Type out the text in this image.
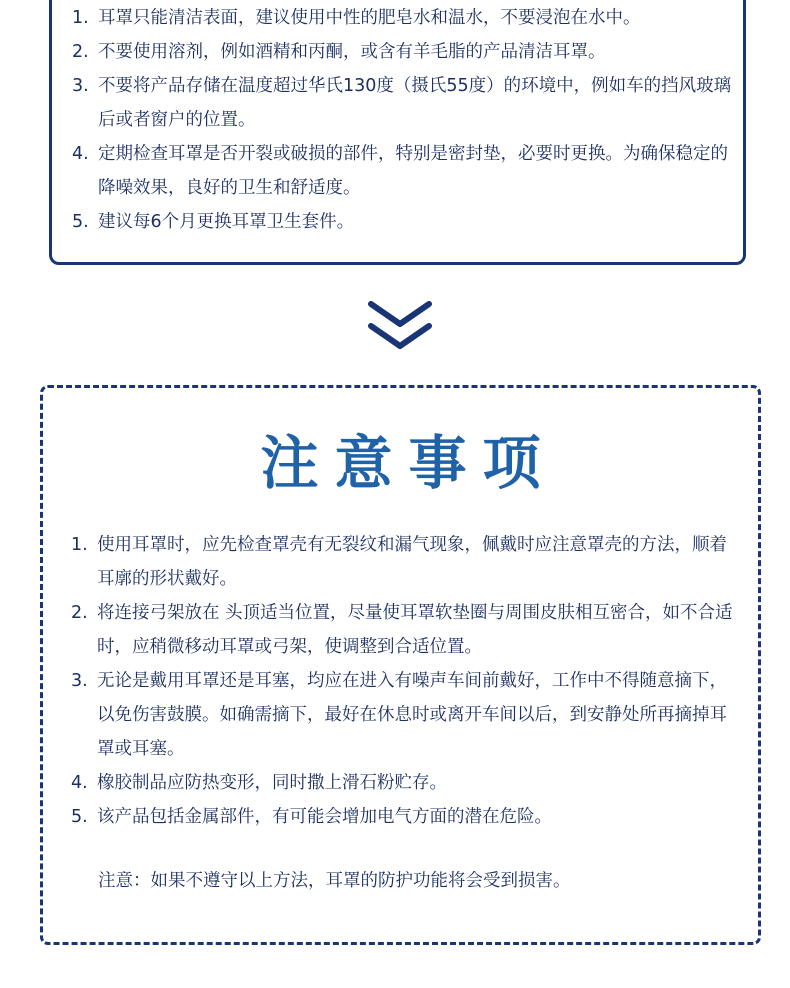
1. 耳罩只能清洁表面，建议使用中性的肥皂水和温水，不要浸泡在水中。
2. 不要使用溶剂，例如酒精和丙酮，或含有羊毛脂的产品清洁耳罩。
3. 不要将产品存储在温度超过华氏130度（摄氏55度）的环境中，例如车的挡风玻璃后或者窗户的位置。
4. 定期检查耳罩是否开裂或破损的部件，特别是密封垫，必要时更换。为确保稳定的降噪效果，良好的卫生和舒适度。
5. 建议每6个月更换耳罩卫生套件。
注意事项
1. 使用耳罩时，应先检查罩壳有无裂纹和漏气现象，佩戴时应注意罩壳的方法，顺着耳廓的形状戴好。
2. 将连接弓架放在 头顶适当位置，尽量使耳罩软垫圈与周围皮肤相互密合，如不合适时，应稍微移动耳罩或弓架，使调整到合适位置。
3. 无论是戴用耳罩还是耳塞，均应在进入有噪声车间前戴好，工作中不得随意摘下，以免伤害鼓膜。如确需摘下，最好在休息时或离开车间以后，到安静处所再摘掉耳罩或耳塞。
4. 橡胶制品应防热变形，同时撒上滑石粉贮存。
5. 该产品包括金属部件，有可能会增加电气方面的潜在危险。

注意：如果不遵守以上方法，耳罩的防护功能将会受到损害。
